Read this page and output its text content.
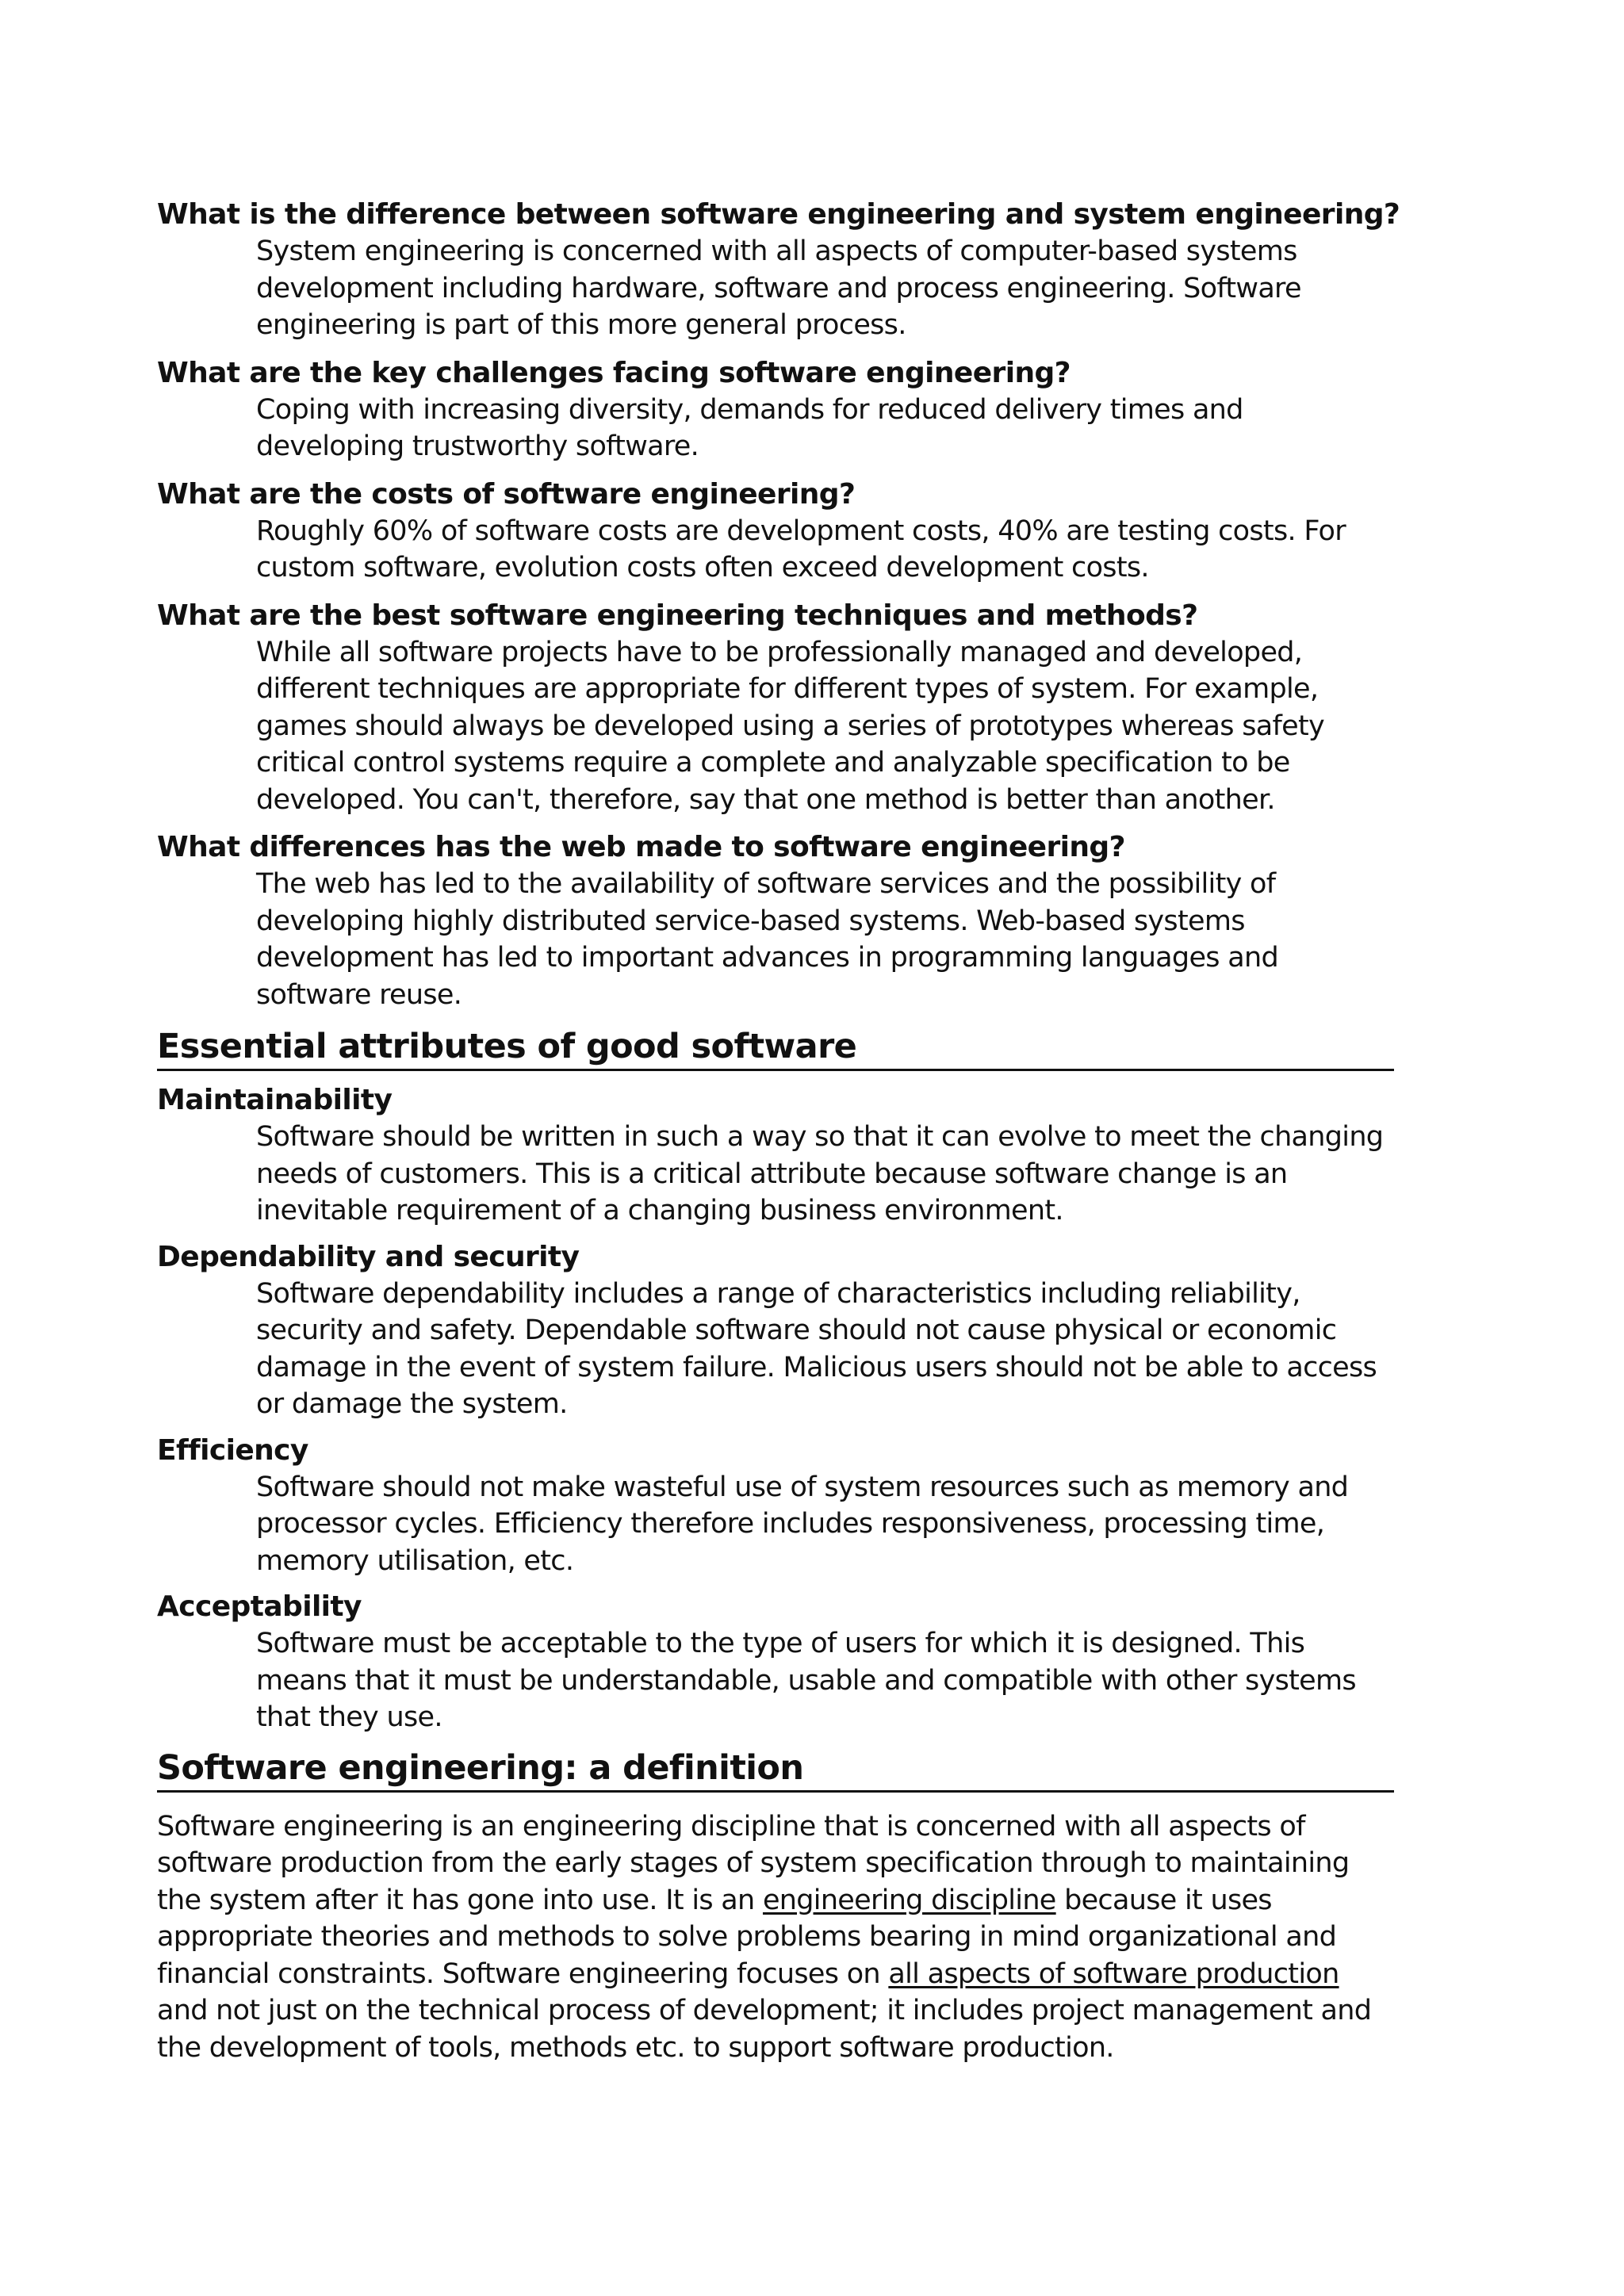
What is the difference between software engineering and system engineering?
System engineering is concerned with all aspects of computer-based systems development including hardware, software and process engineering. Software engineering is part of this more general process.
What are the key challenges facing software engineering?
Coping with increasing diversity, demands for reduced delivery times and developing trustworthy software.
What are the costs of software engineering?
Roughly 60% of software costs are development costs, 40% are testing costs. For custom software, evolution costs often exceed development costs.
What are the best software engineering techniques and methods?
While all software projects have to be professionally managed and developed, different techniques are appropriate for different types of system. For example, games should always be developed using a series of prototypes whereas safety critical control systems require a complete and analyzable specification to be developed. You can't, therefore, say that one method is better than another.
What differences has the web made to software engineering?
The web has led to the availability of software services and the possibility of developing highly distributed service-based systems. Web-based systems development has led to important advances in programming languages and software reuse.
Essential attributes of good software
Maintainability
Software should be written in such a way so that it can evolve to meet the changing needs of customers. This is a critical attribute because software change is an inevitable requirement of a changing business environment.
Dependability and security
Software dependability includes a range of characteristics including reliability, security and safety. Dependable software should not cause physical or economic damage in the event of system failure. Malicious users should not be able to access or damage the system.
Efficiency
Software should not make wasteful use of system resources such as memory and processor cycles. Efficiency therefore includes responsiveness, processing time, memory utilisation, etc.
Acceptability
Software must be acceptable to the type of users for which it is designed. This means that it must be understandable, usable and compatible with other systems that they use.
Software engineering: a definition
Software engineering is an engineering discipline that is concerned with all aspects of software production from the early stages of system specification through to maintaining the system after it has gone into use. It is an engineering discipline because it uses appropriate theories and methods to solve problems bearing in mind organizational and financial constraints. Software engineering focuses on all aspects of software production and not just on the technical process of development; it includes project management and the development of tools, methods etc. to support software production.
